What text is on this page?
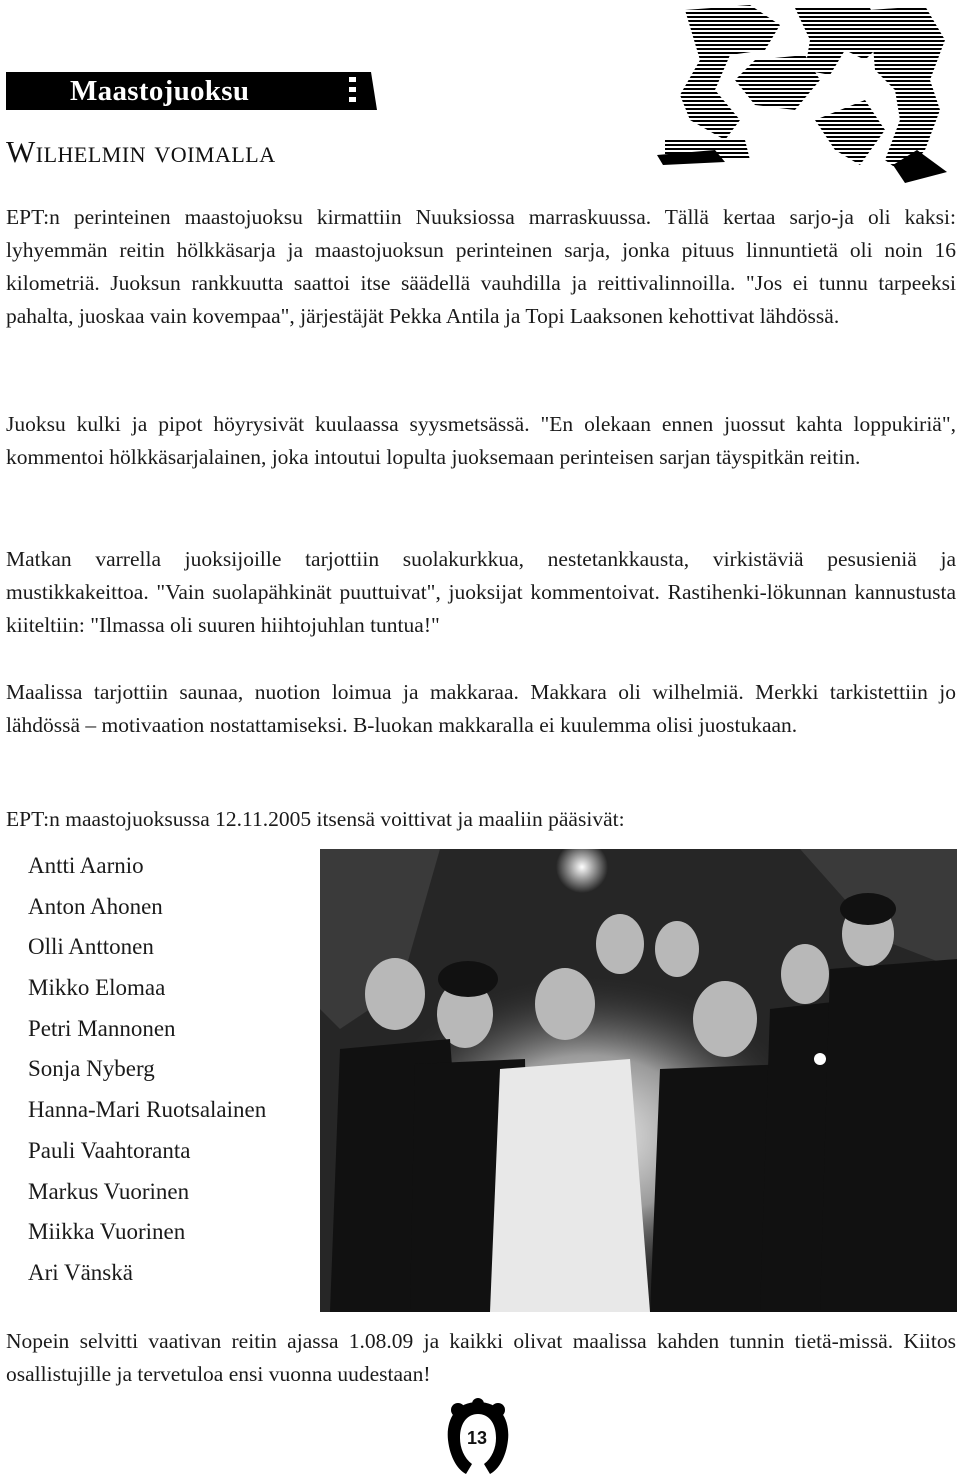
Maastojuoksu
Wilhelmin voimalla

EPT:n perinteinen maastojuoksu kirmattiin Nuuksiossa marraskuussa. Tällä kertaa sarjo-ja oli kaksi: lyhyemmän reitin hölkkäsarja ja maastojuoksun perinteinen sarja, jonka pituus linnuntietä oli noin 16 kilometriä. Juoksun rankkuutta saattoi itse säädellä vauhdilla ja reittivalinnoilla. "Jos ei tunnu tarpeeksi pahalta, juoskaa vain kovempaa", järjestäjät Pekka Antila ja Topi Laaksonen kehottivat lähdössä.

Juoksu kulki ja pipot höyrysivät kuulaassa syysmetsässä. "En olekaan ennen juossut kahta loppukiriä", kommentoi hölkkäsarjalainen, joka intoutui lopulta juoksemaan perinteisen sarjan täyspitkän reitin.

Matkan varrella juoksijoille tarjottiin suolakurkkua, nestetankkausta, virkistäviä pesusieniä ja mustikkakeittoa. "Vain suolapähkinät puuttuivat", juoksijat kommentoivat. Rastihenki-lökunnan kannustusta kiiteltiin: "Ilmassa oli suuren hiihtojuhlan tuntua!"

Maalissa tarjottiin saunaa, nuotion loimua ja makkaraa. Makkara oli wilhelmiä. Merkki tarkistettiin jo lähdössä – motivaation nostattamiseksi. B-luokan makkaralla ei kuulemma olisi juostukaan.

EPT:n maastojuoksussa 12.11.2005 itsensä voittivat ja maaliin pääsivät:
Antti Aarnio
Anton Ahonen
Olli Anttonen
Mikko Elomaa
Petri Mannonen
Sonja Nyberg
Hanna-Mari Ruotsalainen
Pauli Vaahtoranta
Markus Vuorinen
Miikka Vuorinen
Ari Vänskä

Nopein selvitti vaativan reitin ajassa 1.08.09 ja kaikki olivat maalissa kahden tunnin tietä-missä. Kiitos osallistujille ja tervetuloa ensi vuonna uudestaan!

13
